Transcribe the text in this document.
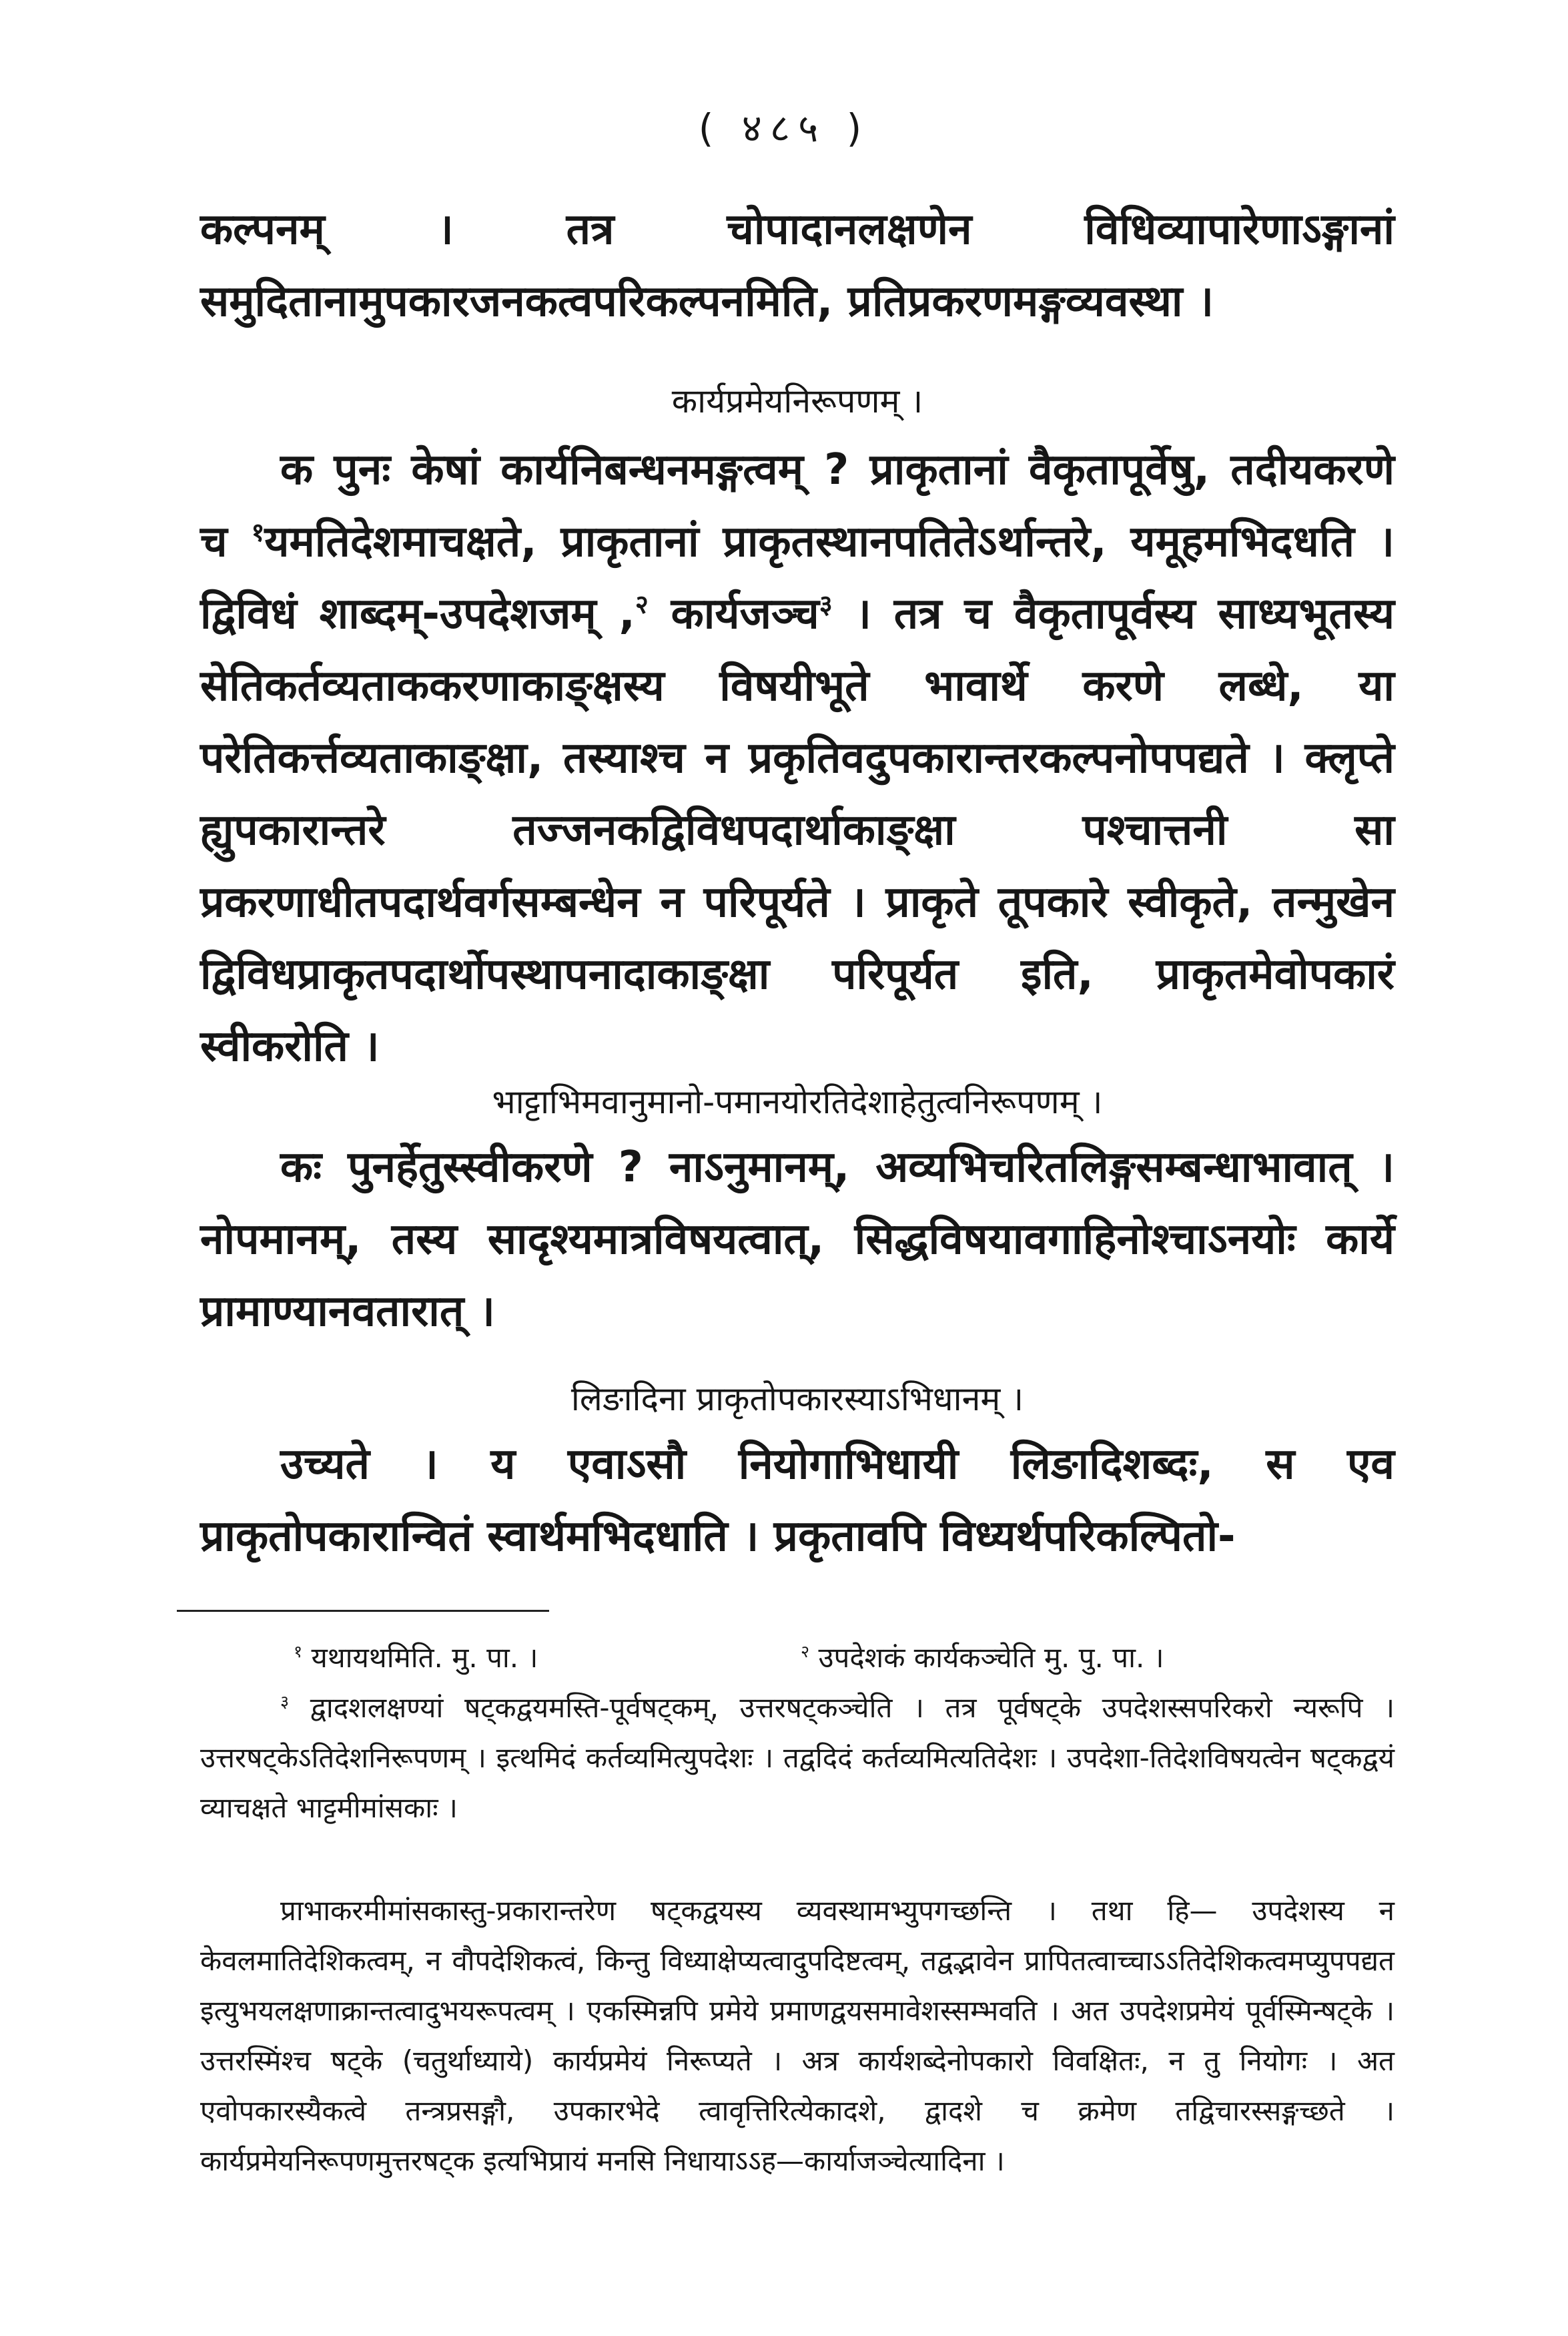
( ४८५ )
कल्पनम् । तत्र चोपादानलक्षणेन विधिव्यापारेणाऽङ्गानां समुदितानामुपकारजनकत्वपरिकल्पनमिति, प्रतिप्रकरणमङ्गव्यवस्था ।
कार्यप्रमेयनिरूपणम् ।
क पुनः केषां कार्यनिबन्धनमङ्गत्वम् ? प्राकृतानां वैकृतापूर्वेषु, तदीयकरणे च $^१$यमतिदेशमाचक्षते, प्राकृतानां प्राकृतस्थानपतितेऽर्थान्तरे, यमूहमभिदधति । द्विविधं शाब्दम्-उपदेशजम् ,$^२$ कार्यजञ्च$^३$ । तत्र च वैकृतापूर्वस्य साध्यभूतस्य सेतिकर्तव्यताककरणाकाङ्क्षस्य विषयीभूते भावार्थे करणे लब्धे, या परेतिकर्त्तव्यताकाङ्क्षा, तस्याश्च न प्रकृतिवदुपकारान्तरकल्पनोपपद्यते । क्लृप्ते ह्युपकारान्तरे तज्जनकद्विविधपदार्थाकाङ्क्षा पश्चात्तनी सा प्रकरणाधीतपदार्थवर्गसम्बन्धेन न परिपूर्यते । प्राकृते तूपकारे स्वीकृते, तन्मुखेन द्विविधप्राकृतपदार्थोपस्थापनादाकाङ्क्षा परिपूर्यत इति, प्राकृतमेवोपकारं स्वीकरोति ।
भाट्टाभिमवानुमानो-पमानयोरतिदेशाहेतुत्वनिरूपणम् ।
कः पुनर्हेतुस्स्वीकरणे ? नाऽनुमानम्, अव्यभिचरितलिङ्गसम्बन्धाभावात् । नोपमानम्, तस्य सादृश्यमात्रविषयत्वात्, सिद्धविषयावगाहिनोश्चाऽनयोः कार्ये प्रामाण्यानवतारात् ।
लिङादिना प्राकृतोपकारस्याऽभिधानम् ।
उच्यते । य एवाऽसौ नियोगाभिधायी लिङादिशब्दः, स एव प्राकृतोपकारान्वितं स्वार्थमभिदधाति । प्रकृतावपि विध्यर्थपरिकल्पितो-
$^१$ यथायथमिति. मु. पा. ।	$^२$ उपदेशकं कार्यकञ्चेति मु. पु. पा. ।
$^३$ द्वादशलक्षण्यां षट्कद्वयमस्ति-पूर्वषट्कम्, उत्तरषट्कञ्चेति । तत्र पूर्वषट्के उपदेशस्सपरिकरो न्यरूपि । उत्तरषट्केऽतिदेशनिरूपणम् । इत्थमिदं कर्तव्यमित्युपदेशः । तद्वदिदं कर्तव्यमित्यतिदेशः । उपदेशा-तिदेशविषयत्वेन षट्कद्वयं व्याचक्षते भाट्टमीमांसकाः ।
प्राभाकरमीमांसकास्तु-प्रकारान्तरेण षट्कद्वयस्य व्यवस्थामभ्युपगच्छन्ति । तथा हि— उपदेशस्य न केवलमातिदेशिकत्वम्, न वौपदेशिकत्वं, किन्तु विध्याक्षेप्यत्वादुपदिष्टत्वम्, तद्वद्भावेन प्रापितत्वाच्चाऽऽतिदेशिकत्वमप्युपपद्यत इत्युभयलक्षणाक्रान्तत्वादुभयरूपत्वम् । एकस्मिन्नपि प्रमेये प्रमाणद्वयसमावेशस्सम्भवति । अत उपदेशप्रमेयं पूर्वस्मिन्षट्के । उत्तरस्मिंश्च षट्के (चतुर्थाध्याये) कार्यप्रमेयं निरूप्यते । अत्र कार्यशब्देनोपकारो विवक्षितः, न तु नियोगः । अत एवोपकारस्यैकत्वे तन्त्रप्रसङ्गौ, उपकारभेदे त्वावृत्तिरित्येकादशे, द्वादशे च क्रमेण तद्विचारस्सङ्गच्छते । कार्यप्रमेयनिरूपणमुत्तरषट्क इत्यभिप्रायं मनसि निधायाऽऽह—कार्याजञ्चेत्यादिना ।
